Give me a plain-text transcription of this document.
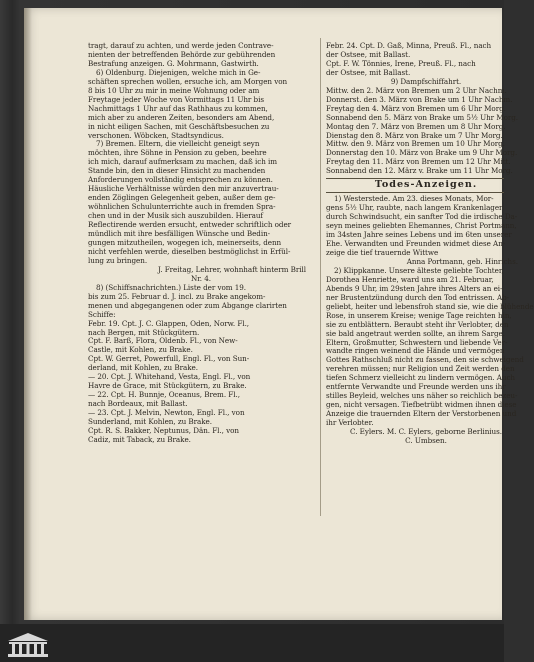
tragt, darauf zu achten, und werde jeden Contrave-
nienten der betreffenden Behörde zur gebührenden
Bestrafung anzeigen. G. Mohrmann, Gastwirth.
6) Oldenburg. Diejenigen, welche mich in Ge-
schäften sprechen wollen, ersuche ich, am Morgen von
8 bis 10 Uhr zu mir in meine Wohnung oder am
Freytage jeder Woche von Vormittags 11 Uhr bis
Nachmittags 1 Uhr auf das Rathhaus zu kommen,
mich aber zu anderen Zeiten, besonders am Abend,
in nicht eiligen Sachen, mit Geschäftsbesuchen zu
verschonen. Wöbcken, Stadtsyndicus.
7) Bremen. Eltern, die vielleicht geneigt seyn
möchten, ihre Söhne in Pension zu geben, beehre
ich mich, darauf aufmerksam zu machen, daß ich im
Stande bin, den in dieser Hinsicht zu machenden
Anforderungen vollständig entsprechen zu können.
Häusliche Verhältnisse würden den mir anzuvertrau-
enden Zöglingen Gelegenheit geben, außer dem ge-
wöhnlichen Schulunterrichte auch in fremden Spra-
chen und in der Musik sich auszubilden. Hierauf
Reflectirende werden ersucht, entweder schriftlich oder
mündlich mit ihre besfälligen Wünsche und Bedin-
gungen mitzutheilen, wogegen ich, meinerseits, denn
nicht verfehlen werde, dieselben bestmöglichst in Erfül-
lung zu bringen.
J. Freitag, Lehrer, wohnhaft hinterm Brill
Nr. 4.
8) (Schiffsnachrichten.) Liste der vom 19.
bis zum 25. Februar d. J. incl. zu Brake angekom-
menen und abgegangenen oder zum Abgange clarirten
Schiffe:
Febr. 19. Cpt. J. C. Glappen, Oden, Norw. Fl.,
nach Bergen, mit Stückgütern.
Cpt. F. Barß, Flora, Oldenb. Fl., von New-
Castle, mit Kohlen, zu Brake.
Cpt. W. Gerret, Powerfull, Engl. Fl., von Sun-
derland, mit Kohlen, zu Brake.
— 20. Cpt. J. Whitehand, Vesta, Engl. Fl., von
Havre de Grace, mit Stückgütern, zu Brake.
— 22. Cpt. H. Bunnje, Oceanus, Brem. Fl.,
nach Bordeaux, mit Ballast.
— 23. Cpt. J. Melvin, Newton, Engl. Fl., von
Sunderland, mit Kohlen, zu Brake.
Cpt. R. S. Bakker, Neptunus, Dän. Fl., von
Cadiz, mit Taback, zu Brake.
Febr. 24. Cpt. D. Gaß, Minna, Preuß. Fl., nach
der Ostsee, mit Ballast.
Cpt. F. W. Tönnies, Irene, Preuß. Fl., nach
der Ostsee, mit Ballast.
9) Dampfschiffahrt.
Mittw. den 2. März von Bremen um 2 Uhr Nachm.
Donnerst. den 3. März von Brake um 1 Uhr Nachm.
Freytag den 4. März von Bremen um 6 Uhr Morg.
Sonnabend den 5. März von Brake um 5½ Uhr Morg.
Montag den 7. März von Bremen um 8 Uhr Morg.
Dienstag den 8. März von Brake um 7 Uhr Morg.
Mittw. den 9. März von Bremen um 10 Uhr Morg.
Donnerstag den 10. März von Brake um 9 Uhr Morg.
Freytag den 11. März von Bremen um 12 Uhr Mitt.
Sonnabend den 12. März v. Brake um 11 Uhr Morg.
Todes-Anzeigen.
1) Westerstede. Am 23. dieses Monats, Mor-
gens 5½ Uhr, raubte, nach langem Krankenlager
durch Schwindsucht, ein sanfter Tod die irdische Da-
seyn meines geliebten Ehemannes, Christ Portmann,
im 34sten Jahre seines Lebens und im 6ten unserer
Ehe. Verwandten und Freunden widmet diese An-
zeige die tief trauernde Wittwe
Anna Portmann, geb. Hinrichs.
2) Klippkanne. Unsere älteste geliebte Tochter,
Dorothea Henriette, ward uns am 21. Februar,
Abends 9 Uhr, im 29sten Jahre ihres Alters an ei-
ner Brustentzündung durch den Tod entrissen. Ab-
geliebt, heiter und lebensfroh stand sie, wie die blühende
Rose, in unserem Kreise; wenige Tage reichten hin,
sie zu entblättern. Beraubt steht ihr Verlobter, den
sie bald angetraut werden sollte, an ihrem Sarge.
Eltern, Großmutter, Schwestern und liebende Ver-
wandte ringen weinend die Hände und vermögen
Gottes Rathschluß nicht zu fassen, den sie schweigend
verehren müssen; nur Religion und Zeit werden den
tiefen Schmerz vielleicht zu lindern vermögen. Auch
entfernte Verwandte und Freunde werden uns ihr
stilles Beyleid, welches uns näher so reichlich bezeu-
gen, nicht versagen. Tiefbetrübt widmen ihnen diese
Anzeige die trauernden Eltern der Verstorbenen und
ihr Verlobter.
C. Eylers. M. C. Eylers, geborne Berlinius.
C. Umbsen.
